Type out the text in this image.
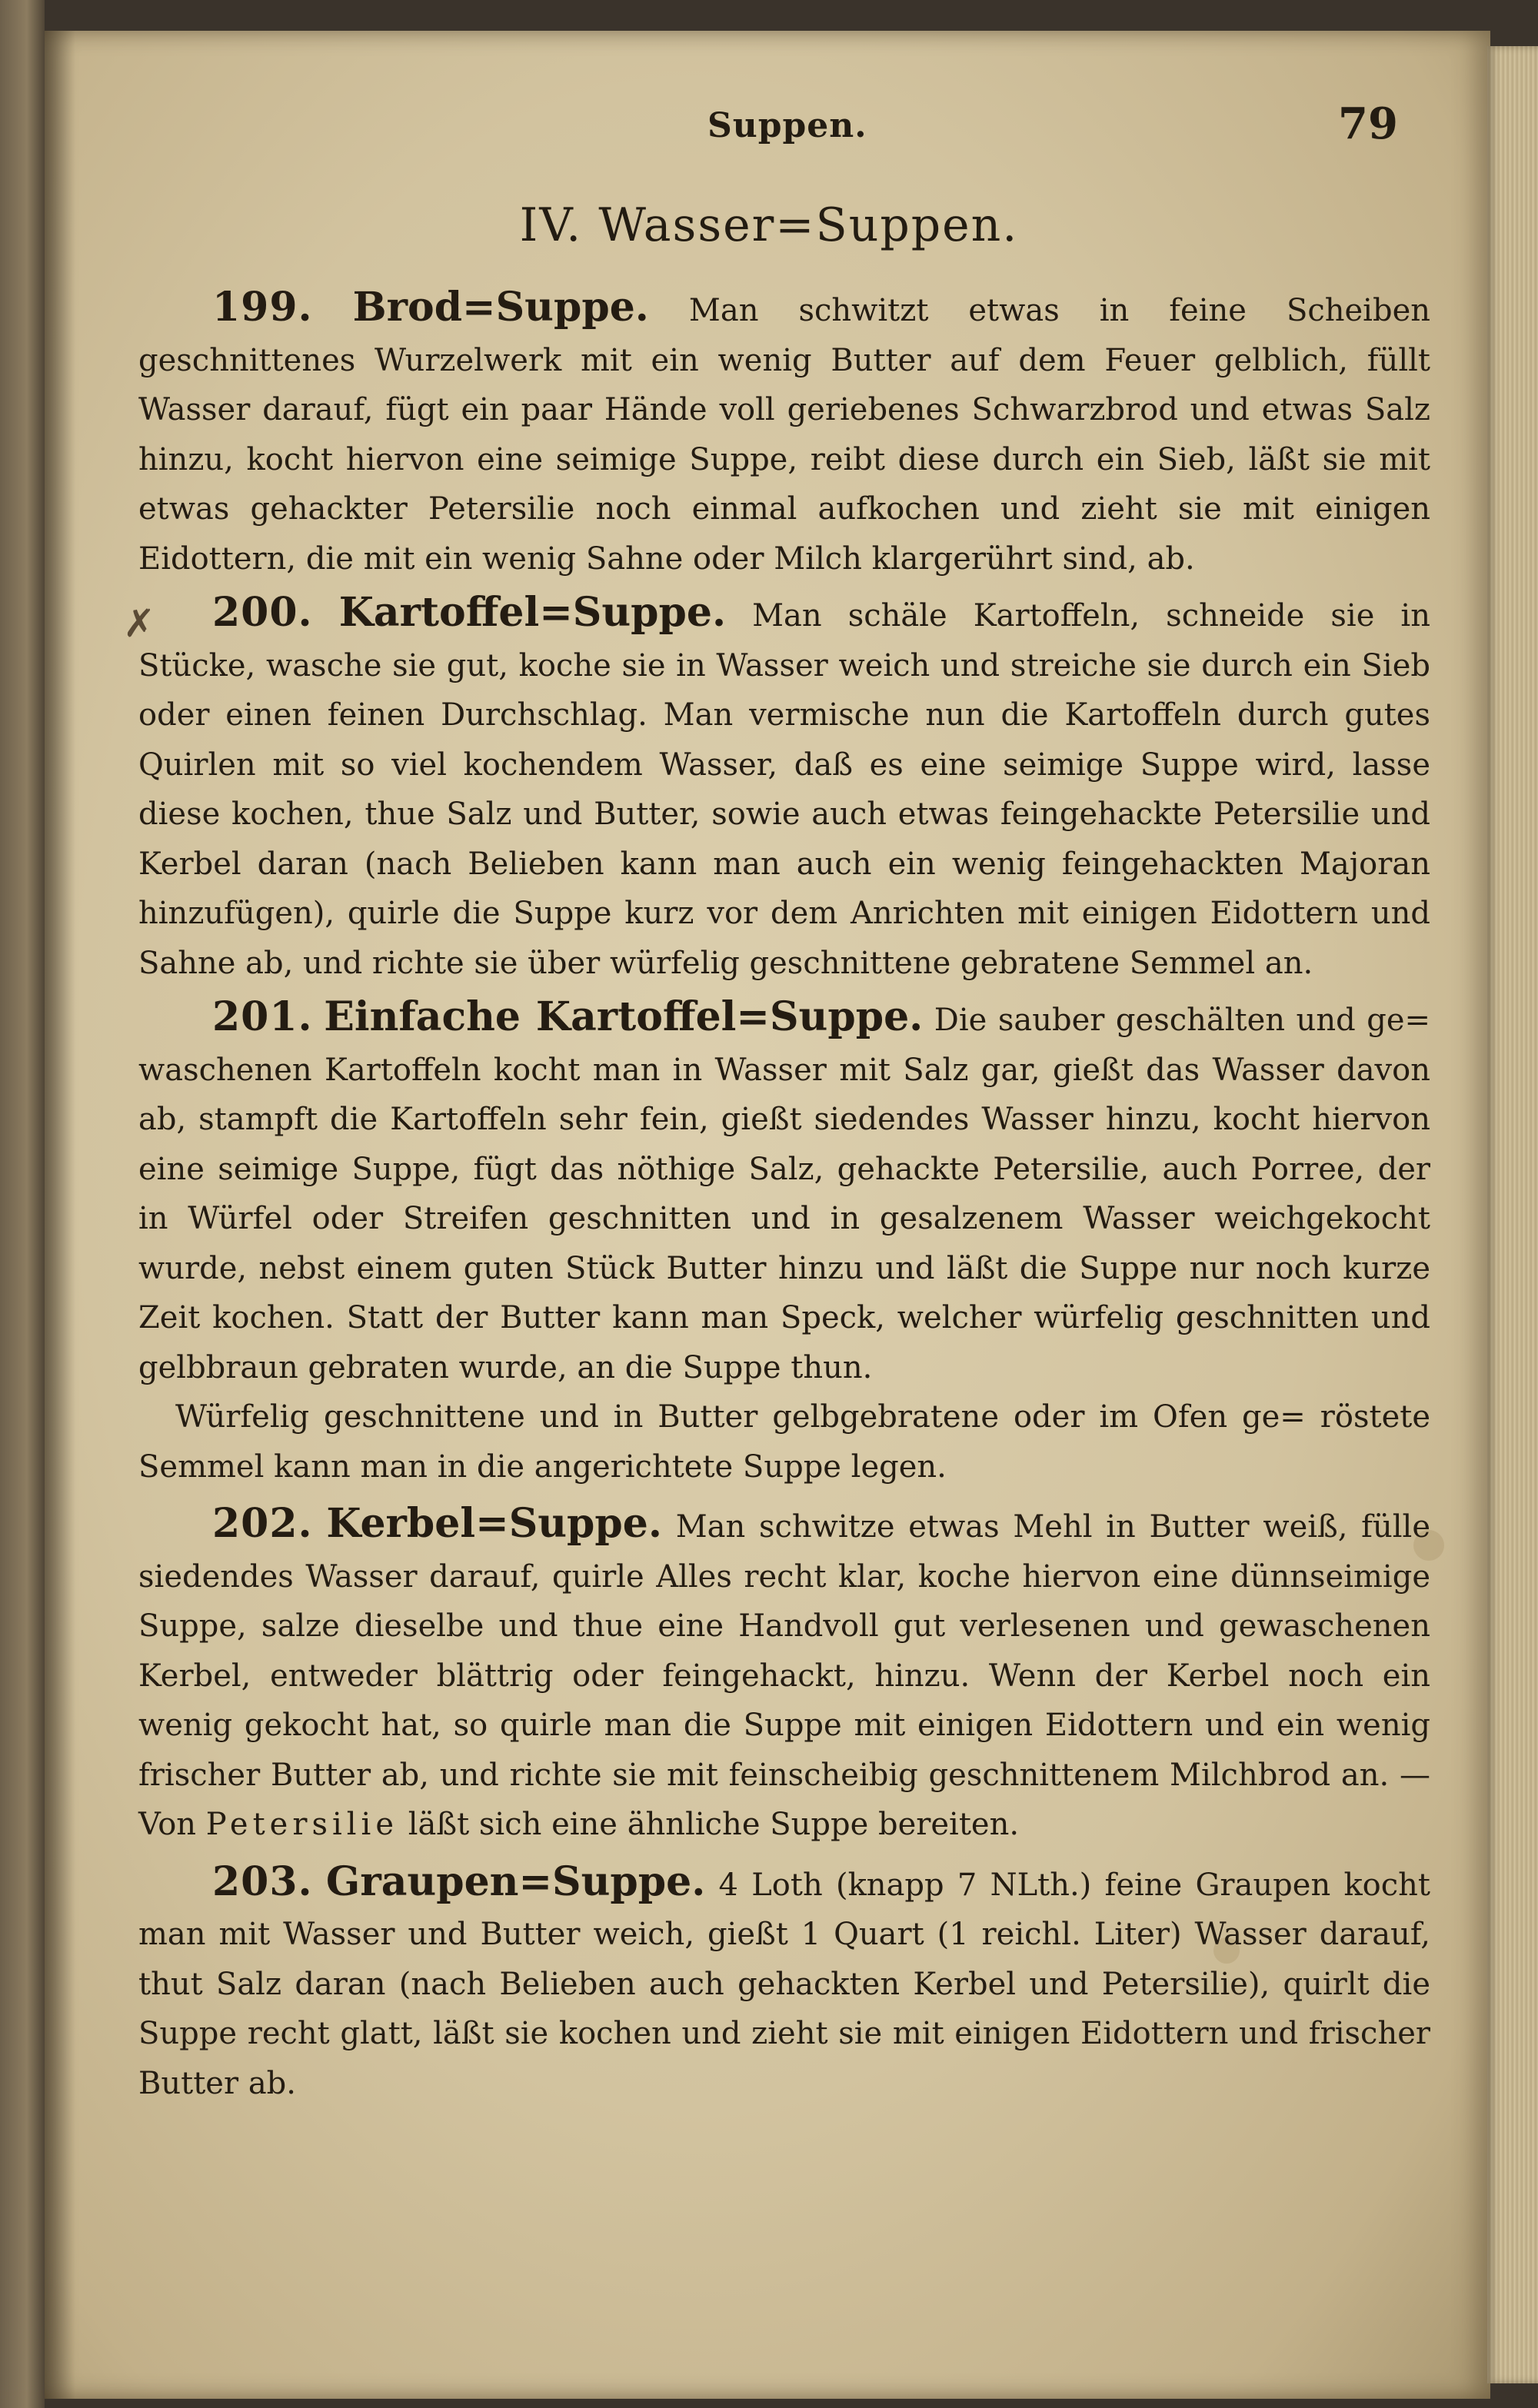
Suppen.	79
IV. Wasser=Suppen.
✗

199. Brod=Suppe. Man schwitzt etwas in feine Scheiben geschnittenes Wurzelwerk mit ein wenig Butter auf dem Feuer gelblich, füllt Wasser darauf, fügt ein paar Hände voll geriebenes Schwarzbrod und etwas Salz hinzu, kocht hiervon eine seimige Suppe, reibt diese durch ein Sieb, läßt sie mit etwas gehackter Petersilie noch einmal aufkochen und zieht sie mit einigen Eidottern, die mit ein wenig Sahne oder Milch klargerührt sind, ab.

200. Kartoffel=Suppe. Man schäle Kartoffeln, schneide sie in Stücke, wasche sie gut, koche sie in Wasser weich und streiche sie durch ein Sieb oder einen feinen Durchschlag. Man vermische nun die Kartoffeln durch gutes Quirlen mit so viel kochendem Wasser, daß es eine seimige Suppe wird, lasse diese kochen, thue Salz und Butter, sowie auch etwas feingehackte Petersilie und Kerbel daran (nach Belieben kann man auch ein wenig feingehackten Majoran hinzufügen), quirle die Suppe kurz vor dem Anrichten mit einigen Eidottern und Sahne ab, und richte sie über würfelig geschnittene gebratene Semmel an.

201. Einfache Kartoffel=Suppe. Die sauber geschälten und ge= waschenen Kartoffeln kocht man in Wasser mit Salz gar, gießt das Wasser davon ab, stampft die Kartoffeln sehr fein, gießt siedendes Wasser hinzu, kocht hiervon eine seimige Suppe, fügt das nöthige Salz, gehackte Petersilie, auch Porree, der in Würfel oder Streifen geschnitten und in gesalzenem Wasser weichgekocht wurde, nebst einem guten Stück Butter hinzu und läßt die Suppe nur noch kurze Zeit kochen. Statt der Butter kann man Speck, welcher würfelig geschnitten und gelbbraun gebraten wurde, an die Suppe thun.

Würfelig geschnittene und in Butter gelbgebratene oder im Ofen ge= röstete Semmel kann man in die angerichtete Suppe legen.

202. Kerbel=Suppe. Man schwitze etwas Mehl in Butter weiß, fülle siedendes Wasser darauf, quirle Alles recht klar, koche hiervon eine dünnseimige Suppe, salze dieselbe und thue eine Handvoll gut verlesenen und gewaschenen Kerbel, entweder blättrig oder feingehackt, hinzu. Wenn der Kerbel noch ein wenig gekocht hat, so quirle man die Suppe mit einigen Eidottern und ein wenig frischer Butter ab, und richte sie mit feinscheibig geschnittenem Milchbrod an. —Von Petersilie läßt sich eine ähnliche Suppe bereiten.

203. Graupen=Suppe. 4 Loth (knapp 7 NLth.) feine Graupen kocht man mit Wasser und Butter weich, gießt 1 Quart (1 reichl. Liter) Wasser darauf, thut Salz daran (nach Belieben auch gehackten Kerbel und Petersilie), quirlt die Suppe recht glatt, läßt sie kochen und zieht sie mit einigen Eidottern und frischer Butter ab.
